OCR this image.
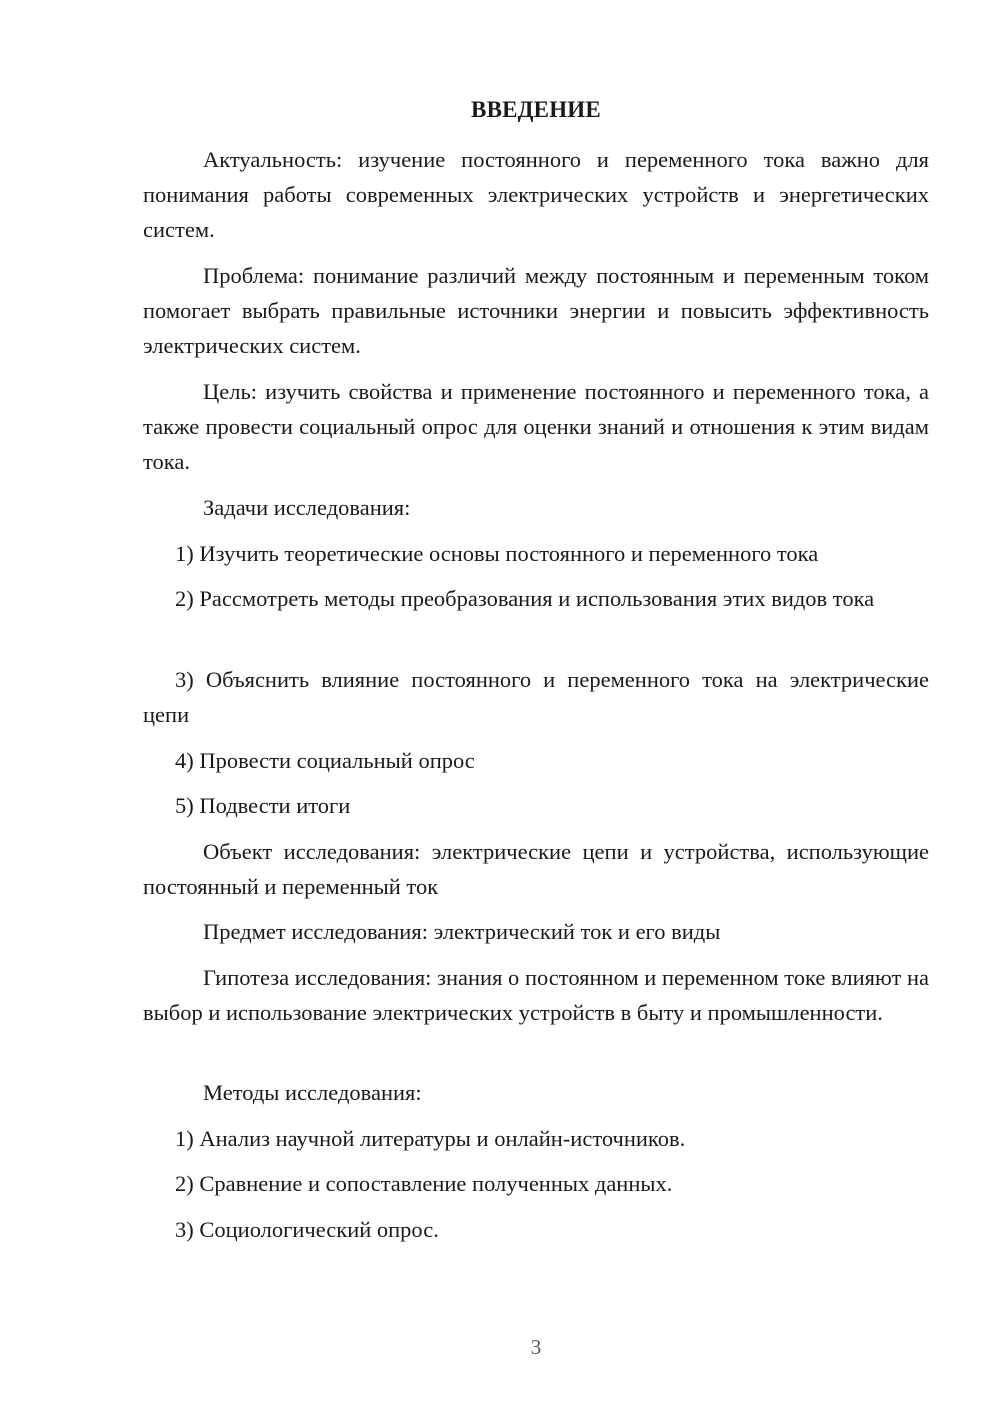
ВВЕДЕНИЕ

Актуальность: изучение постоянного и переменного тока важно для понимания работы современных электрических устройств и энергетических систем.

Проблема: понимание различий между постоянным и переменным током помогает выбрать правильные источники энергии и повысить эффективность электрических систем.

Цель: изучить свойства и применение постоянного и переменного тока, а также провести социальный опрос для оценки знаний и отношения к этим видам тока.

Задачи исследования:

1) Изучить теоретические основы постоянного и переменного тока

2) Рассмотреть методы преобразования и использования этих видов тока

3) Объяснить влияние постоянного и переменного тока на электрические цепи

4) Провести социальный опрос

5) Подвести итоги

Объект исследования: электрические цепи и устройства, использующие постоянный и переменный ток

Предмет исследования: электрический ток и его виды

Гипотеза исследования: знания о постоянном и переменном токе влияют на выбор и использование электрических устройств в быту и промышленности.

Методы исследования:

1) Анализ научной литературы и онлайн-источников.

2) Сравнение и сопоставление полученных данных.

3) Социологический опрос.

3
